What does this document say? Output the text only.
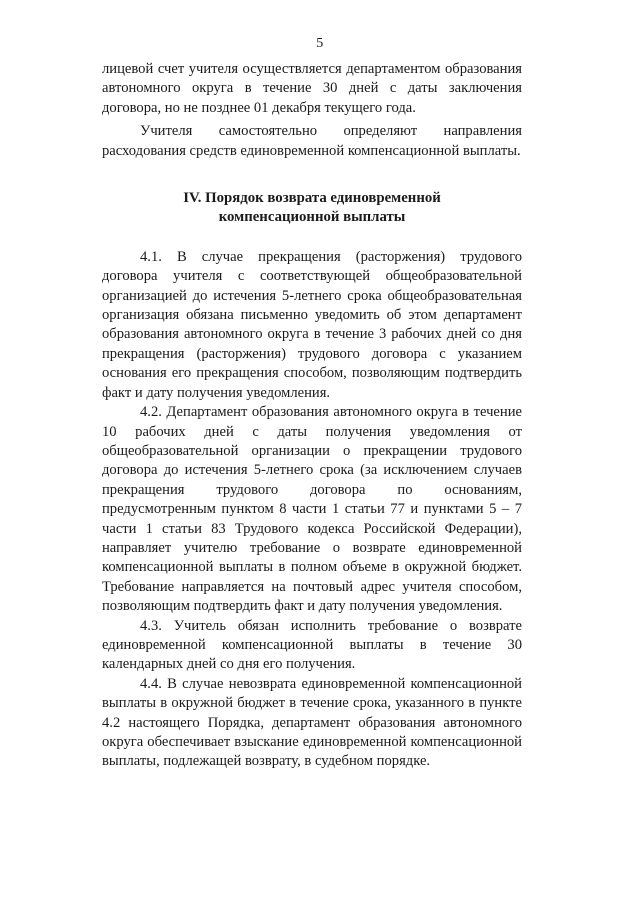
5

лицевой счет учителя осуществляется департаментом образования автономного округа в течение 30 дней с даты заключения договора, но не позднее 01 декабря текущего года.

Учителя самостоятельно определяют направления расходования средств единовременной компенсационной выплаты.

IV. Порядок возврата единовременной
компенсационной выплаты

4.1. В случае прекращения (расторжения) трудового договора учителя с соответствующей общеобразовательной организацией до истечения 5-летнего срока общеобразовательная организация обязана письменно уведомить об этом департамент образования автономного округа в течение 3 рабочих дней со дня прекращения (расторжения) трудового договора с указанием основания его прекращения способом, позволяющим подтвердить факт и дату получения уведомления.

4.2. Департамент образования автономного округа в течение 10 рабочих дней с даты получения уведомления от общеобразовательной организации о прекращении трудового договора до истечения 5-летнего срока (за исключением случаев прекращения трудового договора по основаниям, предусмотренным пунктом 8 части 1 статьи 77 и пунктами 5 – 7 части 1 статьи 83 Трудового кодекса Российской Федерации), направляет учителю требование о возврате единовременной компенсационной выплаты в полном объеме в окружной бюджет. Требование направляется на почтовый адрес учителя способом, позволяющим подтвердить факт и дату получения уведомления.

4.3. Учитель обязан исполнить требование о возврате единовременной компенсационной выплаты в течение 30 календарных дней со дня его получения.

4.4. В случае невозврата единовременной компенсационной выплаты в окружной бюджет в течение срока, указанного в пункте 4.2 настоящего Порядка, департамент образования автономного округа обеспечивает взыскание единовременной компенсационной выплаты, подлежащей возврату, в судебном порядке.
